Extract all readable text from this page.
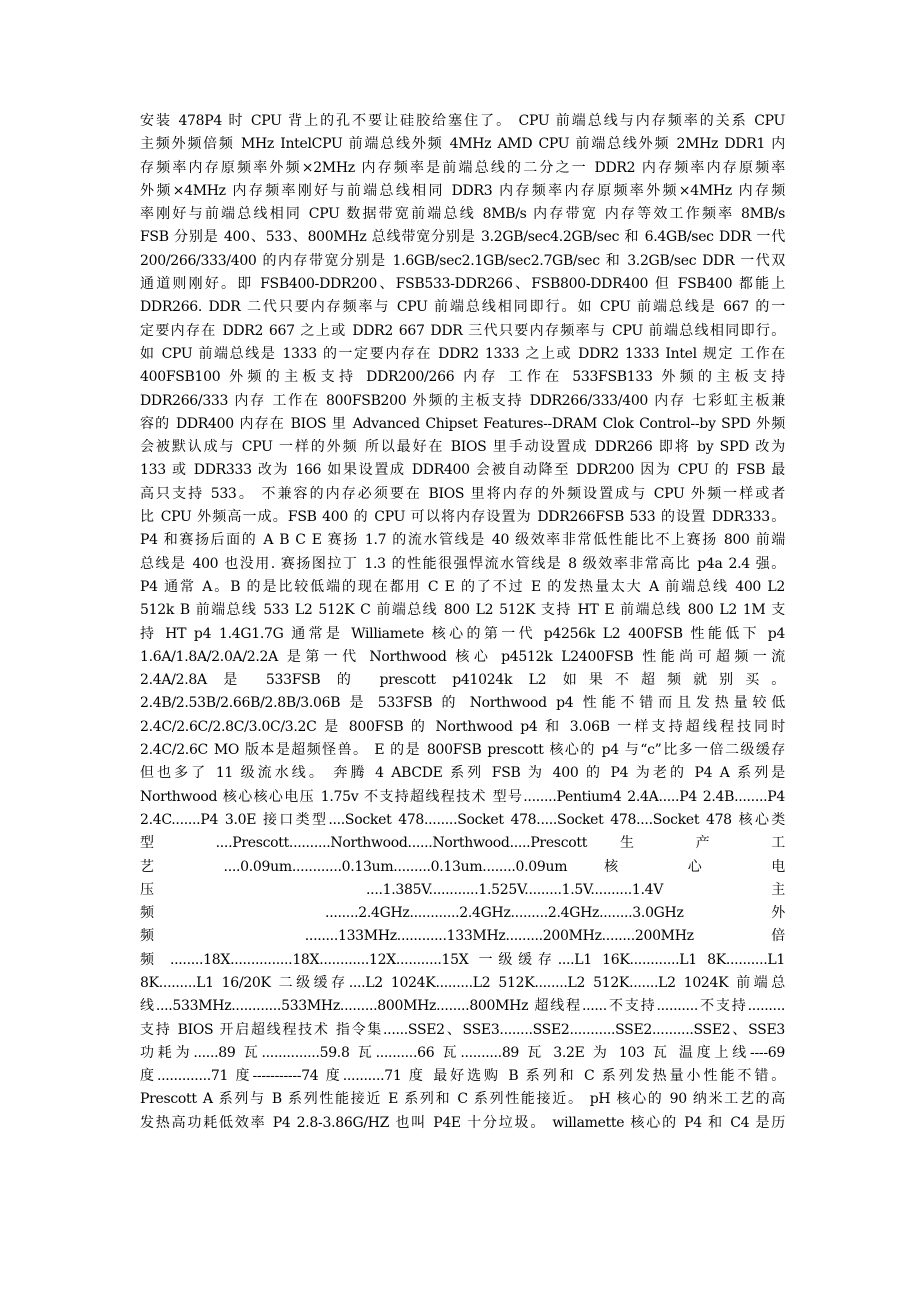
安装 478P4 时 CPU 背上的孔不要让硅胶给塞住了。 CPU 前端总线与内存频率的关系 CPU
主频外频倍频 MHz IntelCPU 前端总线外频 4MHz AMD CPU 前端总线外频 2MHz DDR1 内
存频率内存原频率外频×2MHz 内存频率是前端总线的二分之一 DDR2 内存频率内存原频率
外频×4MHz 内存频率刚好与前端总线相同 DDR3 内存频率内存原频率外频×4MHz 内存频
率刚好与前端总线相同 CPU 数据带宽前端总线 8MB/s 内存带宽 内存等效工作频率 8MB/s
FSB 分别是 400、533、800MHz 总线带宽分别是 3.2GB/sec4.2GB/sec 和 6.4GB/sec DDR 一代
200/266/333/400 的内存带宽分别是 1.6GB/sec2.1GB/sec2.7GB/sec 和 3.2GB/sec DDR 一代双
通道则刚好。即 FSB400-DDR200、FSB533-DDR266、FSB800-DDR400 但 FSB400 都能上
DDR266. DDR 二代只要内存频率与 CPU 前端总线相同即行。如 CPU 前端总线是 667 的一
定要内存在 DDR2 667 之上或 DDR2 667 DDR 三代只要内存频率与 CPU 前端总线相同即行。
如 CPU 前端总线是 1333 的一定要内存在 DDR2 1333 之上或 DDR2 1333 Intel 规定 工作在
400FSB100 外频的主板支持 DDR200/266 内存 工作在 533FSB133 外频的主板支持
DDR266/333 内存 工作在 800FSB200 外频的主板支持 DDR266/333/400 内存 七彩虹主板兼
容的 DDR400 内存在 BIOS 里 Advanced Chipset Features--DRAM Clok Control--by SPD 外频
会被默认成与 CPU 一样的外频 所以最好在 BIOS 里手动设置成 DDR266 即将 by SPD 改为
133 或 DDR333 改为 166 如果设置成 DDR400 会被自动降至 DDR200 因为 CPU 的 FSB 最
高只支持 533。 不兼容的内存必须要在 BIOS 里将内存的外频设置成与 CPU 外频一样或者
比 CPU 外频高一成。FSB 400 的 CPU 可以将内存设置为 DDR266FSB 533 的设置 DDR333。
P4 和赛扬后面的 A B C E 赛扬 1.7 的流水管线是 40 级效率非常低性能比不上赛扬 800 前端
总线是 400 也没用. 赛扬图拉丁 1.3 的性能很强悍流水管线是 8 级效率非常高比 p4a 2.4 强。
P4 通常 A。B 的是比较低端的现在都用 C E 的了不过 E 的发热量太大 A 前端总线 400 L2
512k B 前端总线 533 L2 512K C 前端总线 800 L2 512K 支持 HT E 前端总线 800 L2 1M 支
持 HT p4 1.4G1.7G 通常是 Williamete 核心的第一代 p4256k L2 400FSB 性能低下 p4
1.6A/1.8A/2.0A/2.2A 是第一代 Northwood 核心 p4512k L2400FSB 性能尚可超频一流
2.4A/2.8A 是 533FSB 的 prescott p41024k L2 如果不超频就别买。
2.4B/2.53B/2.66B/2.8B/3.06B 是 533FSB 的 Northwood p4 性能不错而且发热量较低
2.4C/2.6C/2.8C/3.0C/3.2C 是 800FSB 的 Northwood p4 和 3.06B 一样支持超线程技同时
2.4C/2.6C MO 版本是超频怪兽。 E 的是 800FSB prescott 核心的 p4 与“c”比多一倍二级缓存
但也多了 11 级流水线。 奔腾 4 ABCDE 系列 FSB 为 400 的 P4 为老的 P4 A 系列是
Northwood 核心核心电压 1.75v 不支持超线程技术 型号........Pentium4 2.4A.....P4 2.4B........P4
2.4C.......P4 3.0E 接口类型....Socket 478........Socket 478.....Socket 478....Socket 478 核心类
型 ....Prescott..........Northwood......Northwood.....Prescott 生 产 工
艺 ....0.09um............0.13um.........0.13um........0.09um 核 心 电
压 ....1.385V............1.525V.........1.5V..........1.4V 主
频 ........2.4GHz............2.4GHz.........2.4GHz........3.0GHz 外
频 ........133MHz............133MHz.........200MHz........200MHz 倍
频 ........18X...............18X............12X...........15X 一级缓存....L1 16K............L1 8K..........L1
8K.........L1 16/20K 二级缓存....L2 1024K.........L2 512K........L2 512K.......L2 1024K 前端总
线....533MHz............533MHz.........800MHz........800MHz 超线程......不支持..........不支持.........
支持 BIOS 开启超线程技术 指令集......SSE2、SSE3........SSE2...........SSE2..........SSE2、SSE3
功耗为......89 瓦..............59.8 瓦..........66 瓦..........89 瓦 3.2E 为 103 瓦 温度上线----69
度.............71 度-----------74 度..........71 度 最好选购 B 系列和 C 系列发热量小性能不错。
Prescott A 系列与 B 系列性能接近 E 系列和 C 系列性能接近。 pH 核心的 90 纳米工艺的高
发热高功耗低效率 P4 2.8-3.86G/HZ 也叫 P4E 十分垃圾。 willamette 核心的 P4 和 C4 是历
